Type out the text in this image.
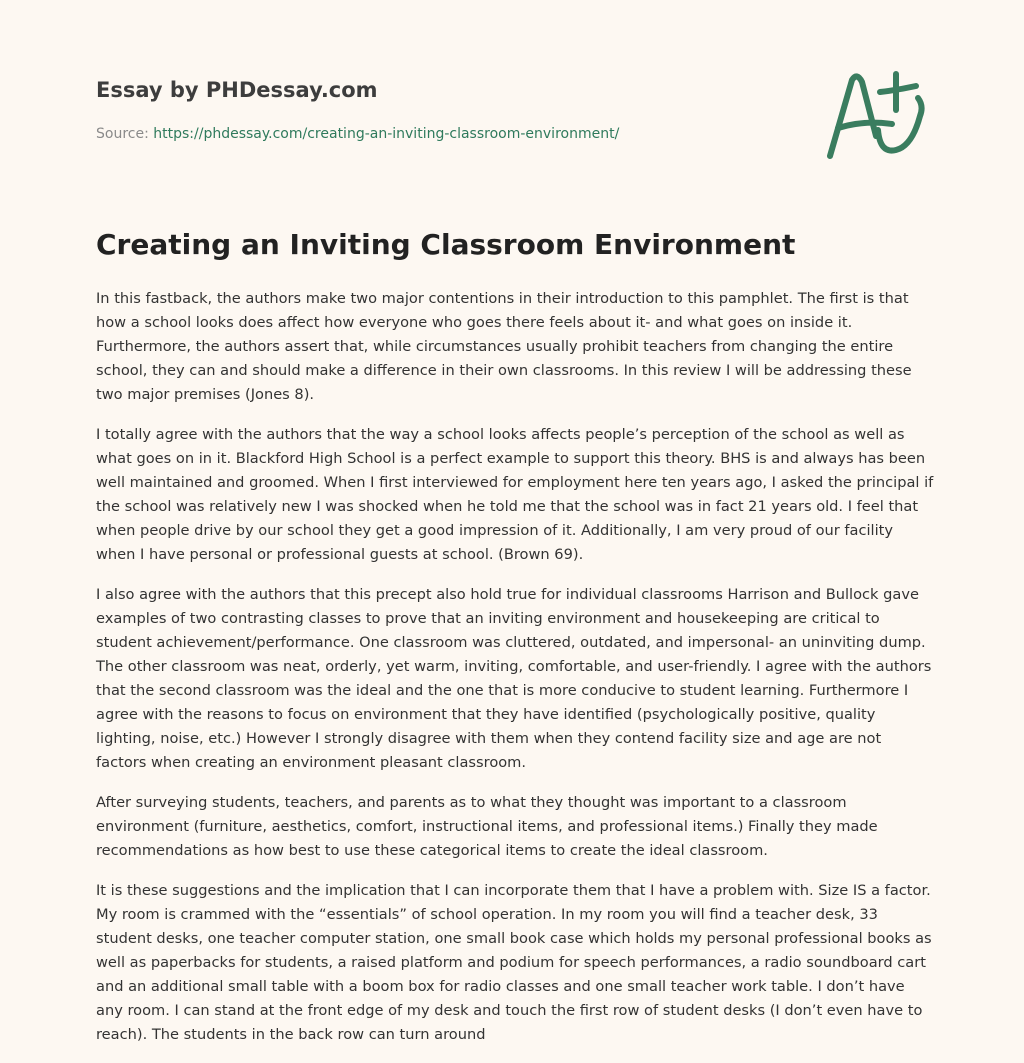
Essay by PHDessay.com
Source: https://phdessay.com/creating-an-inviting-classroom-environment/
Creating an Inviting Classroom Environment

In this fastback, the authors make two major contentions in their introduction to this pamphlet. The first is that how a school looks does affect how everyone who goes there feels about it- and what goes on inside it. Furthermore, the authors assert that, while circumstances usually prohibit teachers from changing the entire school, they can and should make a difference in their own classrooms. In this review I will be addressing these two major premises (Jones 8).

I totally agree with the authors that the way a school looks affects people’s perception of the school as well as what goes on in it. Blackford High School is a perfect example to support this theory. BHS is and always has been well maintained and groomed. When I first interviewed for employment here ten years ago, I asked the principal if the school was relatively new I was shocked when he told me that the school was in fact 21 years old. I feel that when people drive by our school they get a good impression of it. Additionally, I am very proud of our facility when I have personal or professional guests at school. (Brown 69).

I also agree with the authors that this precept also hold true for individual classrooms Harrison and Bullock gave examples of two contrasting classes to prove that an inviting environment and housekeeping are critical to student achievement/performance. One classroom was cluttered, outdated, and impersonal- an uninviting dump. The other classroom was neat, orderly, yet warm, inviting, comfortable, and user-friendly. I agree with the authors that the second classroom was the ideal and the one that is more conducive to student learning. Furthermore I agree with the reasons to focus on environment that they have identified (psychologically positive, quality lighting, noise, etc.) However I strongly disagree with them when they contend facility size and age are not factors when creating an environment pleasant classroom.

After surveying students, teachers, and parents as to what they thought was important to a classroom environment (furniture, aesthetics, comfort, instructional items, and professional items.) Finally they made recommendations as how best to use these categorical items to create the ideal classroom.

It is these suggestions and the implication that I can incorporate them that I have a problem with. Size IS a factor. My room is crammed with the “essentials” of school operation. In my room you will find a teacher desk, 33 student desks, one teacher computer station, one small book case which holds my personal professional books as well as paperbacks for students, a raised platform and podium for speech performances, a radio soundboard cart and an additional small table with a boom box for radio classes and one small teacher work table. I don’t have any room. I can stand at the front edge of my desk and touch the first row of student desks (I don’t even have to reach). The students in the back row can turn around
